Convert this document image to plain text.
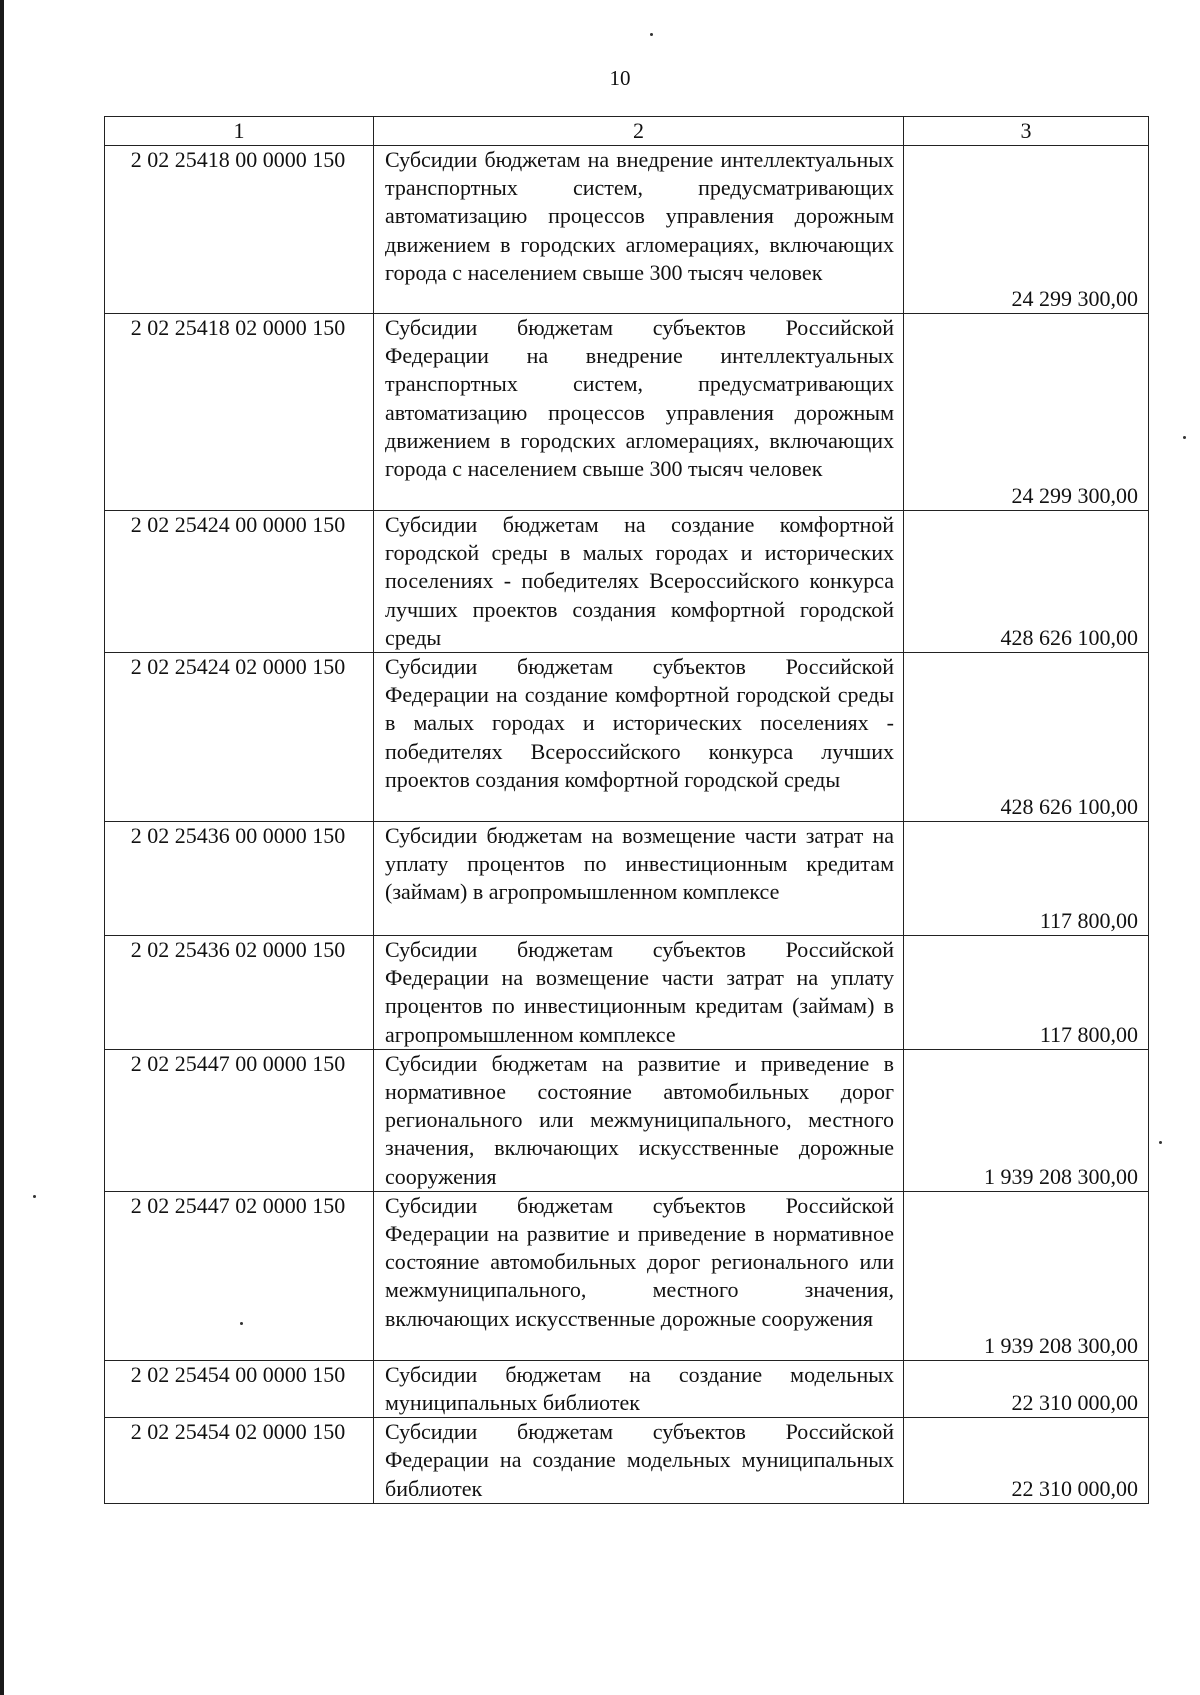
10
1	2	3
2 02 25418 00 0000 150	Субсидии бюджетам на внедрение интеллектуальных транспортных систем, предусматривающих автоматизацию процессов управления дорожным движением в городских агломерациях, включающих города с населением свыше 300 тысяч человек	24 299 300,00
2 02 25418 02 0000 150	Субсидии бюджетам субъектов Российской Федерации на внедрение интеллектуальных транспортных систем, предусматривающих автоматизацию процессов управления дорожным движением в городских агломерациях, включающих города с населением свыше 300 тысяч человек	24 299 300,00
2 02 25424 00 0000 150	Субсидии бюджетам на создание комфортной городской среды в малых городах и исторических поселениях - победителях Всероссийского конкурса лучших проектов создания комфортной городской среды	428 626 100,00
2 02 25424 02 0000 150	Субсидии бюджетам субъектов Российской Федерации на создание комфортной городской среды в малых городах и исторических поселениях - победителях Всероссийского конкурса лучших проектов создания комфортной городской среды	428 626 100,00
2 02 25436 00 0000 150	Субсидии бюджетам на возмещение части затрат на уплату процентов по инвестиционным кредитам (займам) в агропромышленном комплексе	117 800,00
2 02 25436 02 0000 150	Субсидии бюджетам субъектов Российской Федерации на возмещение части затрат на уплату процентов по инвестиционным кредитам (займам) в агропромышленном комплексе	117 800,00
2 02 25447 00 0000 150	Субсидии бюджетам на развитие и приведение в нормативное состояние автомобильных дорог регионального или межмуниципального, местного значения, включающих искусственные дорожные сооружения	1 939 208 300,00
2 02 25447 02 0000 150	Субсидии бюджетам субъектов Российской Федерации на развитие и приведение в нормативное состояние автомобильных дорог регионального или межмуниципального, местного значения, включающих искусственные дорожные сооружения	1 939 208 300,00
2 02 25454 00 0000 150	Субсидии бюджетам на создание модельных муниципальных библиотек	22 310 000,00
2 02 25454 02 0000 150	Субсидии бюджетам субъектов Российской Федерации на создание модельных муниципальных библиотек	22 310 000,00
